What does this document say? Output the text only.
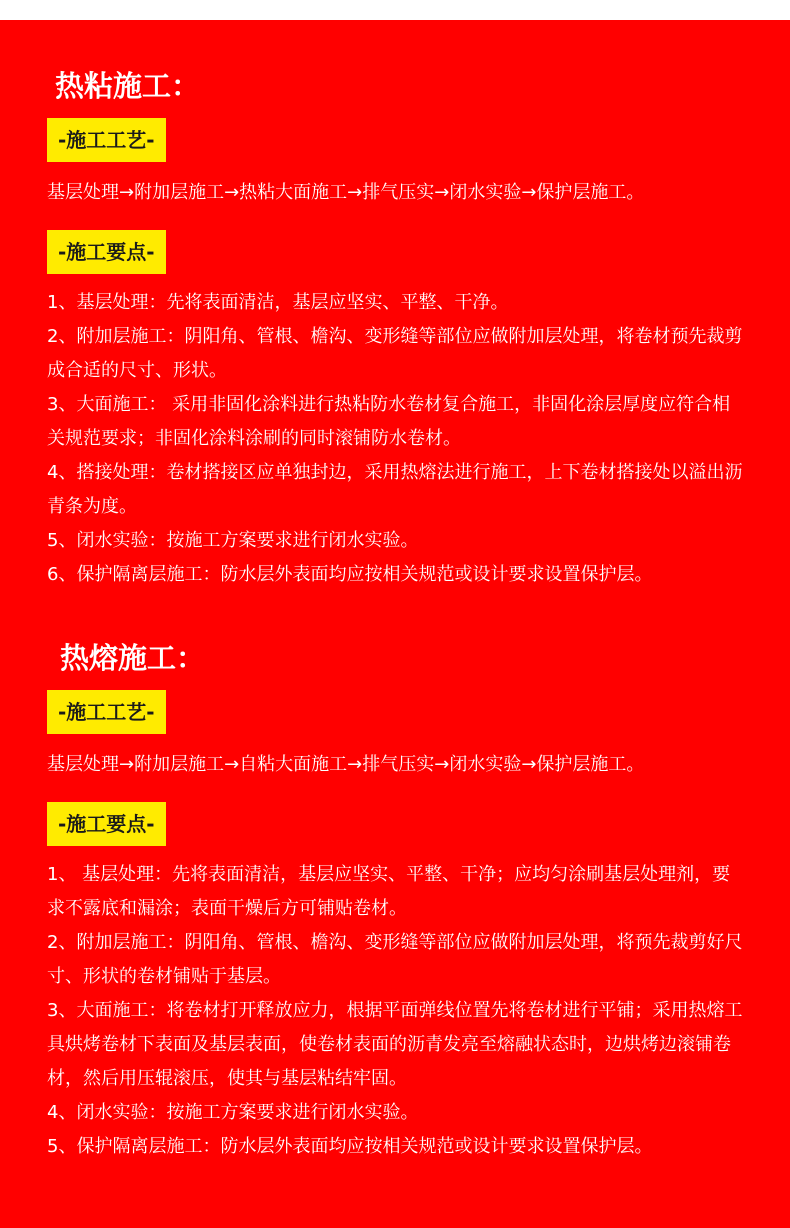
热粘施工：
-施工工艺-
基层处理→附加层施工→热粘大面施工→排气压实→闭水实验→保护层施工。
-施工要点-
1、基层处理：先将表面清洁，基层应坚实、平整、干净。
2、附加层施工：阴阳角、管根、檐沟、变形缝等部位应做附加层处理，将卷材预先裁剪成合适的尺寸、形状。
3、大面施工： 采用非固化涂料进行热粘防水卷材复合施工，非固化涂层厚度应符合相关规范要求；非固化涂料涂刷的同时滚铺防水卷材。
4、搭接处理：卷材搭接区应单独封边，采用热熔法进行施工，上下卷材搭接处以溢出沥青条为度。
5、闭水实验：按施工方案要求进行闭水实验。
6、保护隔离层施工：防水层外表面均应按相关规范或设计要求设置保护层。
热熔施工：
-施工工艺-
基层处理→附加层施工→自粘大面施工→排气压实→闭水实验→保护层施工。
-施工要点-
1、 基层处理：先将表面清洁，基层应坚实、平整、干净；应均匀涂刷基层处理剂，要求不露底和漏涂；表面干燥后方可铺贴卷材。
2、附加层施工：阴阳角、管根、檐沟、变形缝等部位应做附加层处理，将预先裁剪好尺寸、形状的卷材铺贴于基层。
3、大面施工：将卷材打开释放应力，根据平面弹线位置先将卷材进行平铺；采用热熔工具烘烤卷材下表面及基层表面，使卷材表面的沥青发亮至熔融状态时，边烘烤边滚铺卷材，然后用压辊滚压，使其与基层粘结牢固。
4、闭水实验：按施工方案要求进行闭水实验。
5、保护隔离层施工：防水层外表面均应按相关规范或设计要求设置保护层。
